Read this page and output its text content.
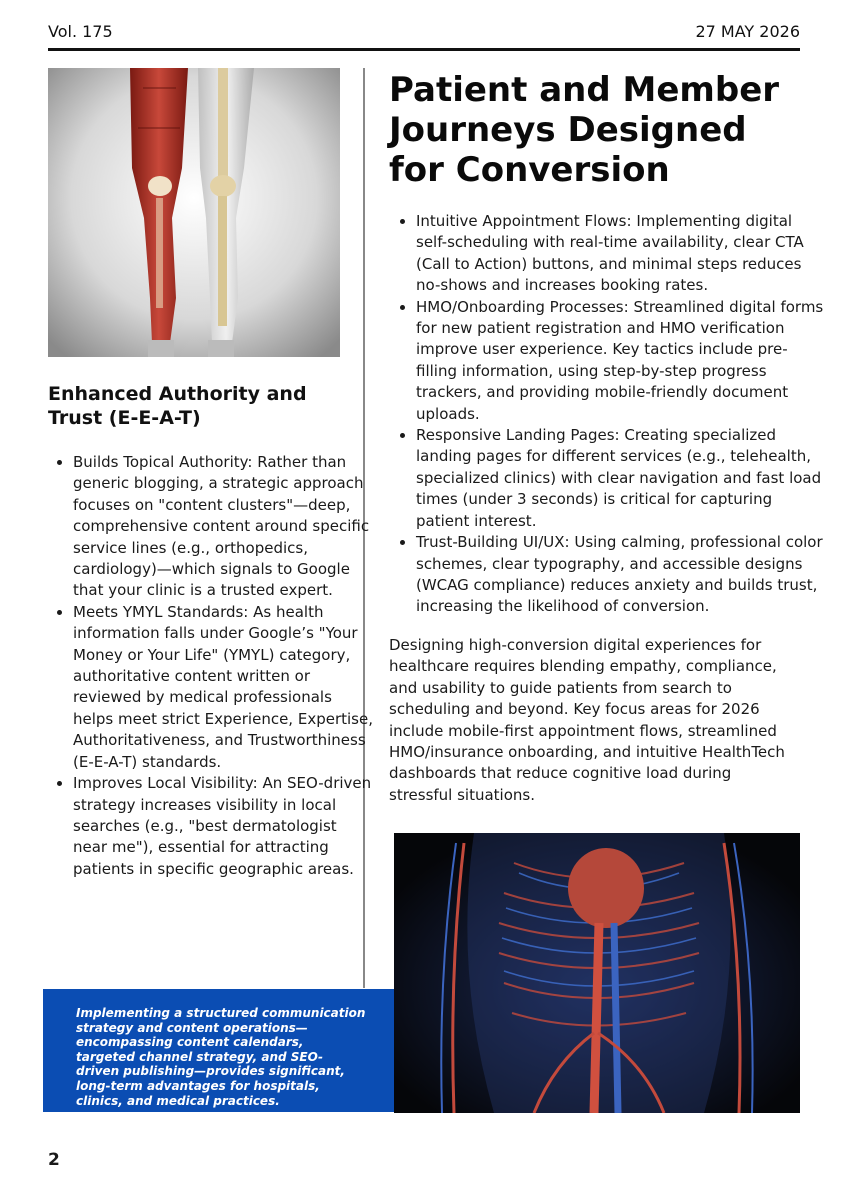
Vol. 175	27 MAY 2026
Enhanced Authority and Trust (E-E-A-T)
• Builds Topical Authority: Rather than generic blogging, a strategic approach focuses on "content clusters"—deep, comprehensive content around specific service lines (e.g., orthopedics, cardiology)—which signals to Google that your clinic is a trusted expert.
• Meets YMYL Standards: As health information falls under Google’s "Your Money or Your Life" (YMYL) category, authoritative content written or reviewed by medical professionals helps meet strict Experience, Expertise, Authoritativeness, and Trustworthiness (E-E-A-T) standards.
• Improves Local Visibility: An SEO-driven strategy increases visibility in local searches (e.g., "best dermatologist near me"), essential for attracting patients in specific geographic areas.
Patient and Member Journeys Designed for Conversion
• Intuitive Appointment Flows: Implementing digital self-scheduling with real-time availability, clear CTA (Call to Action) buttons, and minimal steps reduces no-shows and increases booking rates.
• HMO/Onboarding Processes: Streamlined digital forms for new patient registration and HMO verification improve user experience. Key tactics include pre-filling information, using step-by-step progress trackers, and providing mobile-friendly document uploads.
• Responsive Landing Pages: Creating specialized landing pages for different services (e.g., telehealth, specialized clinics) with clear navigation and fast load times (under 3 seconds) is critical for capturing patient interest.
• Trust-Building UI/UX: Using calming, professional color schemes, clear typography, and accessible designs (WCAG compliance) reduces anxiety and builds trust, increasing the likelihood of conversion.

Designing high-conversion digital experiences for healthcare requires blending empathy, compliance, and usability to guide patients from search to scheduling and beyond. Key focus areas for 2026 include mobile-first appointment flows, streamlined HMO/insurance onboarding, and intuitive HealthTech dashboards that reduce cognitive load during stressful situations.

Implementing a structured communication strategy and content operations—encompassing content calendars, targeted channel strategy, and SEO-driven publishing—provides significant, long-term advantages for hospitals, clinics, and medical practices.

2
